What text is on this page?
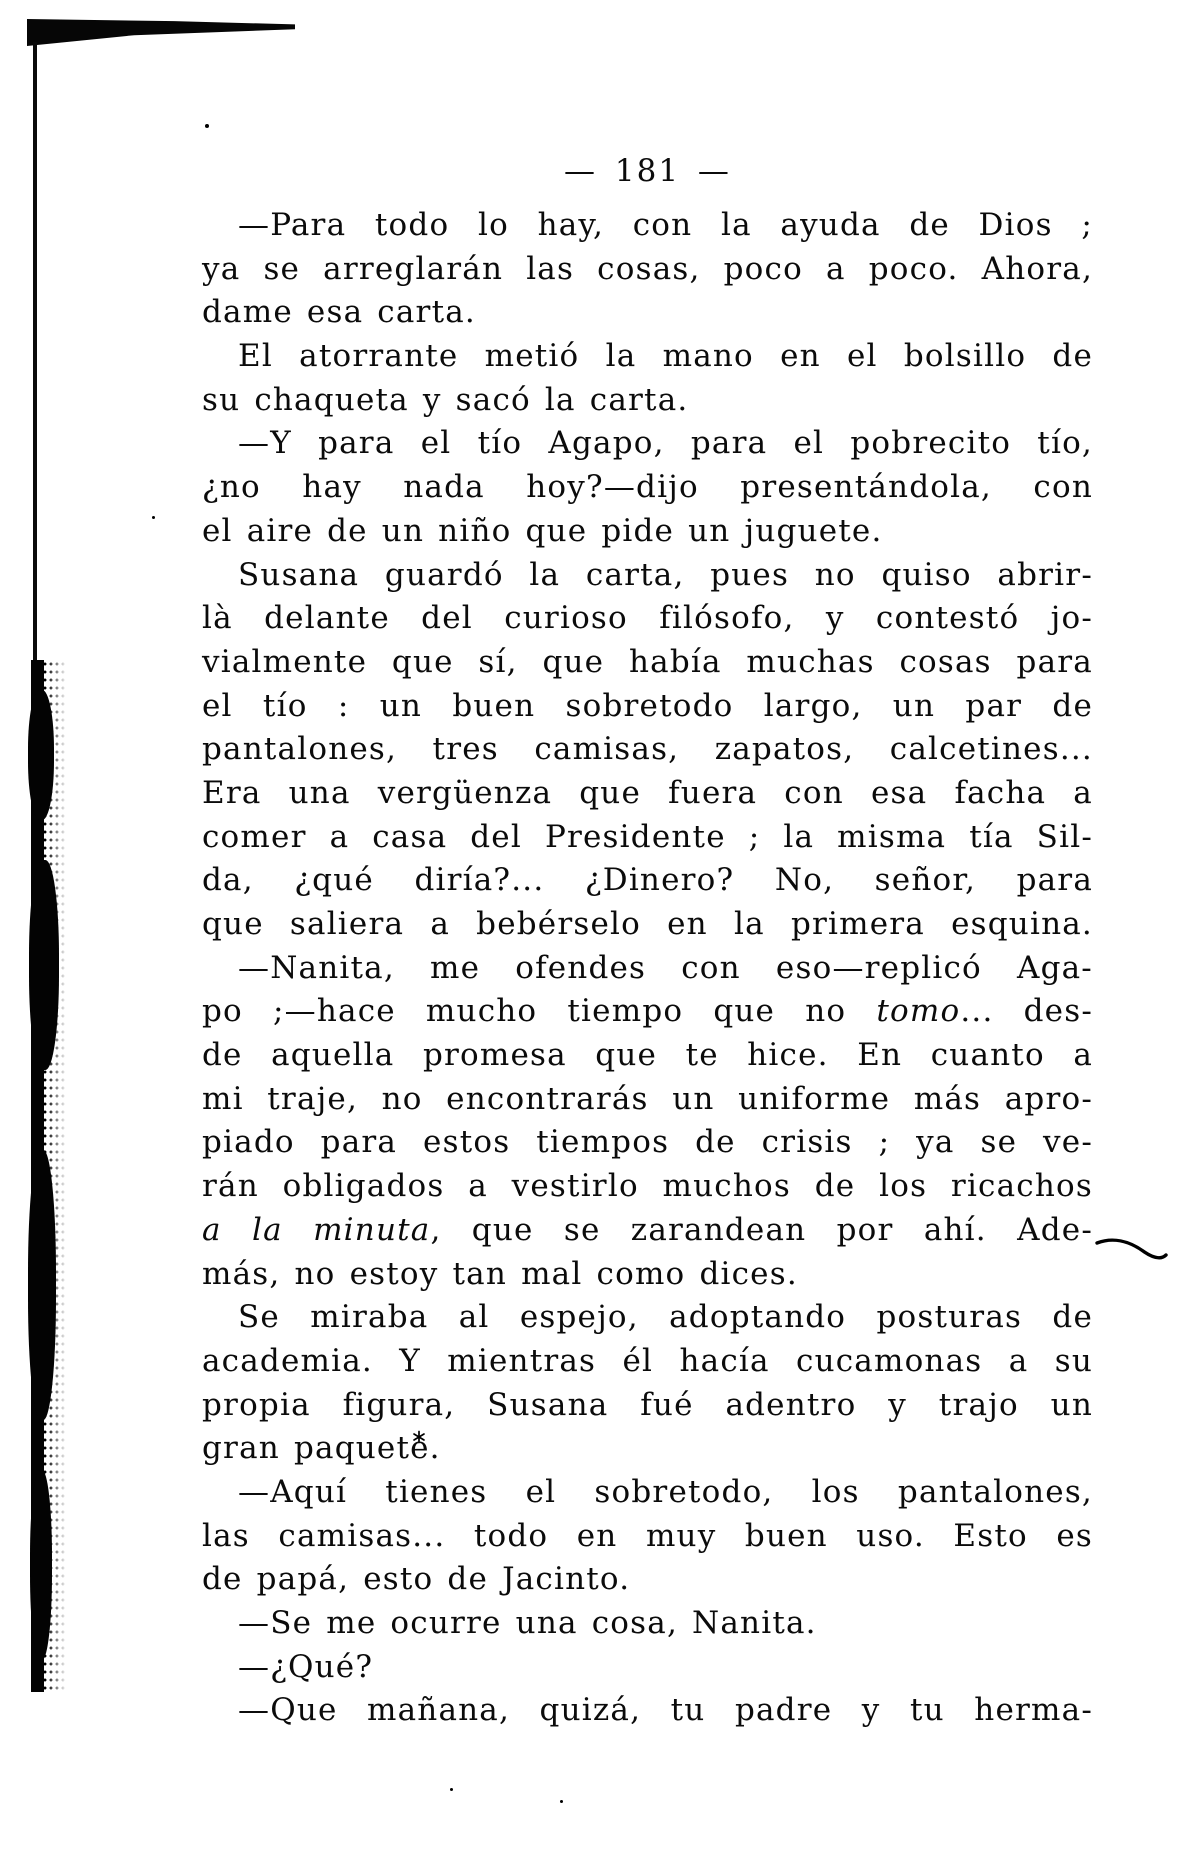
— 181 —
—Para todo lo hay, con la ayuda de Dios ;
ya se arreglarán las cosas, poco a poco. Ahora,
dame esa carta.
El atorrante metió la mano en el bolsillo de
su chaqueta y sacó la carta.
—Y para el tío Agapo, para el pobrecito tío,
¿no hay nada hoy?—dijo presentándola, con
el aire de un niño que pide un juguete.
Susana guardó la carta, pues no quiso abrir-
là delante del curioso filósofo, y contestó jo-
vialmente que sí, que había muchas cosas para
el tío : un buen sobretodo largo, un par de
pantalones, tres camisas, zapatos, calcetines...
Era una vergüenza que fuera con esa facha a
comer a casa del Presidente ; la misma tía Sil-
da, ¿qué diría?... ¿Dinero? No, señor, para
que saliera a bebérselo en la primera esquina.
—Nanita, me ofendes con eso—replicó Aga-
po ;—hace mucho tiempo que no tomo... des-
de aquella promesa que te hice. En cuanto a
mi traje, no encontrarás un uniforme más apro-
piado para estos tiempos de crisis ; ya se ve-
rán obligados a vestirlo muchos de los ricachos
a la minuta, que se zarandean por ahí. Ade-
más, no estoy tan mal como dices.
Se miraba al espejo, adoptando posturas de
academia. Y mientras él hacía cucamonas a su
propia figura, Susana fué adentro y trajo un
gran paquete.
—Aquí tienes el sobretodo, los pantalones,
las camisas... todo en muy buen uso. Esto es
de papá, esto de Jacinto.
—Se me ocurre una cosa, Nanita.
—¿Qué?
—Que mañana, quizá, tu padre y tu herma-
